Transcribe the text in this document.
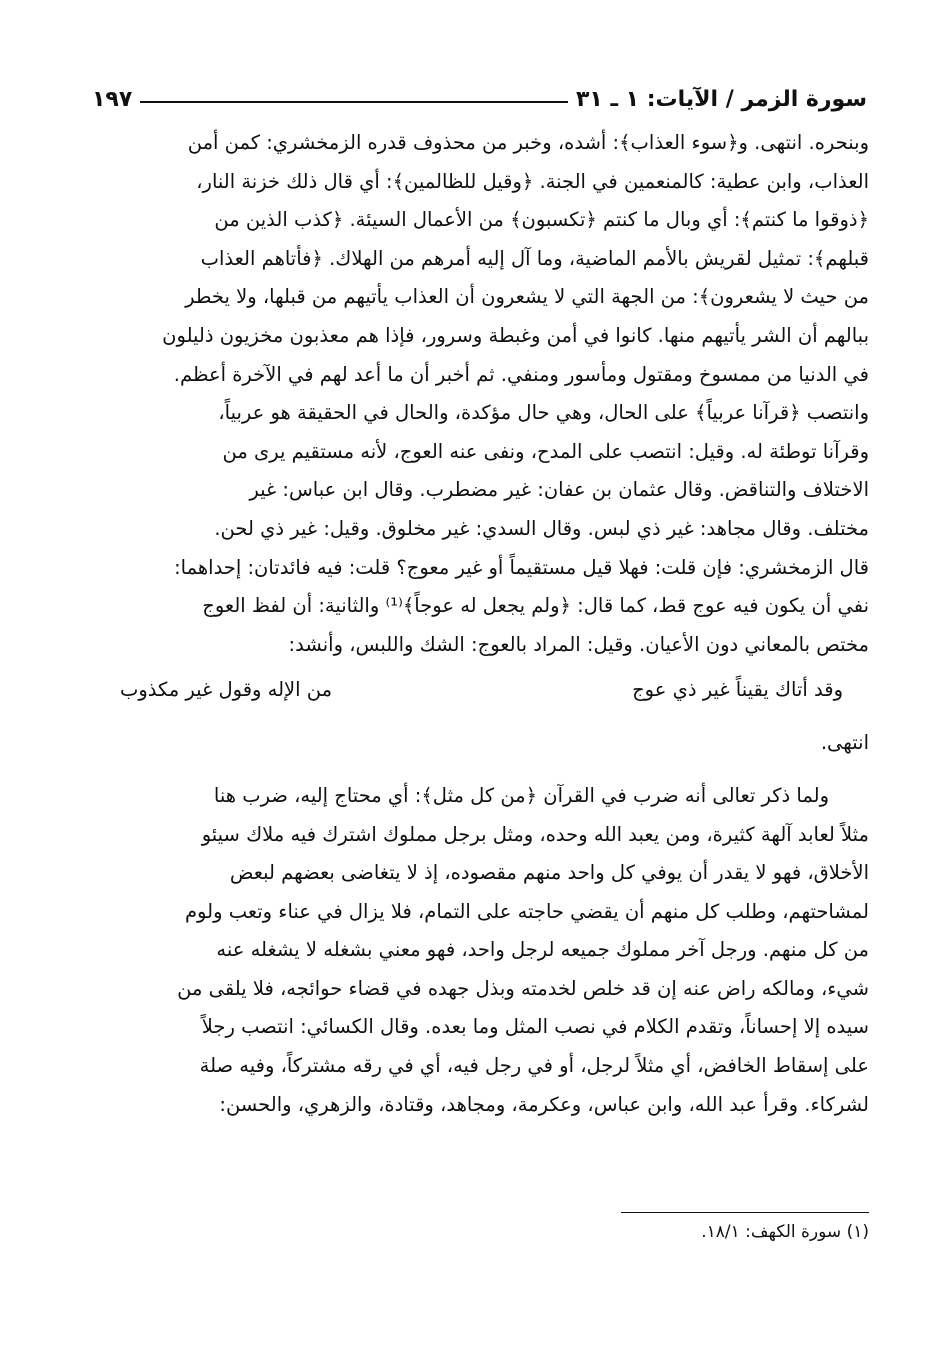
سورة الزمر / الآيات: ١ ـ ٣١
١٩٧

وبنحره. انتهى. و﴿سوء العذاب﴾: أشده، وخبر من محذوف قدره الزمخشري: كمن أمن

العذاب، وابن عطية: كالمنعمين في الجنة. ﴿وقيل للظالمين﴾: أي قال ذلك خزنة النار،

﴿ذوقوا ما كنتم﴾: أي وبال ما كنتم ﴿تكسبون﴾ من الأعمال السيئة. ﴿كذب الذين من

قبلهم﴾: تمثيل لقريش بالأمم الماضية، وما آل إليه أمرهم من الهلاك. ﴿فأتاهم العذاب

من حيث لا يشعرون﴾: من الجهة التي لا يشعرون أن العذاب يأتيهم من قبلها، ولا يخطر

ببالهم أن الشر يأتيهم منها. كانوا في أمن وغبطة وسرور، فإذا هم معذبون مخزيون ذليلون

في الدنيا من ممسوخ ومقتول ومأسور ومنفي. ثم أخبر أن ما أعد لهم في الآخرة أعظم.

وانتصب ﴿قرآنا عربياً﴾ على الحال، وهي حال مؤكدة، والحال في الحقيقة هو عربياً،

وقرآنا توطئة له. وقيل: انتصب على المدح، ونفى عنه العوج، لأنه مستقيم يرى من

الاختلاف والتناقض. وقال عثمان بن عفان: غير مضطرب. وقال ابن عباس: غير

مختلف. وقال مجاهد: غير ذي لبس. وقال السدي: غير مخلوق. وقيل: غير ذي لحن.

قال الزمخشري: فإن قلت: فهلا قيل مستقيماً أو غير معوج؟ قلت: فيه فائدتان: إحداهما:

نفي أن يكون فيه عوج قط، كما قال: ﴿ولم يجعل له عوجاً﴾⁽¹⁾ والثانية: أن لفظ العوج

مختص بالمعاني دون الأعيان. وقيل: المراد بالعوج: الشك واللبس، وأنشد:

وقد أتاك يقيناً غير ذي عوج
من الإله وقول غير مكذوب

انتهى.

ولما ذكر تعالى أنه ضرب في القرآن ﴿من كل مثل﴾: أي محتاج إليه، ضرب هنا

مثلاً لعابد آلهة كثيرة، ومن يعبد الله وحده، ومثل برجل مملوك اشترك فيه ملاك سيئو

الأخلاق، فهو لا يقدر أن يوفي كل واحد منهم مقصوده، إذ لا يتغاضى بعضهم لبعض

لمشاحتهم، وطلب كل منهم أن يقضي حاجته على التمام، فلا يزال في عناء وتعب ولوم

من كل منهم. ورجل آخر مملوك جميعه لرجل واحد، فهو معني بشغله لا يشغله عنه

شيء، ومالكه راض عنه إن قد خلص لخدمته وبذل جهده في قضاء حوائجه، فلا يلقى من

سيده إلا إحساناً، وتقدم الكلام في نصب المثل وما بعده. وقال الكسائي: انتصب رجلاً

على إسقاط الخافض، أي مثلاً لرجل، أو في رجل فيه، أي في رقه مشتركاً، وفيه صلة

لشركاء. وقرأ عبد الله، وابن عباس، وعكرمة، ومجاهد، وقتادة، والزهري، والحسن:

(١) سورة الكهف: ١٨/١.
